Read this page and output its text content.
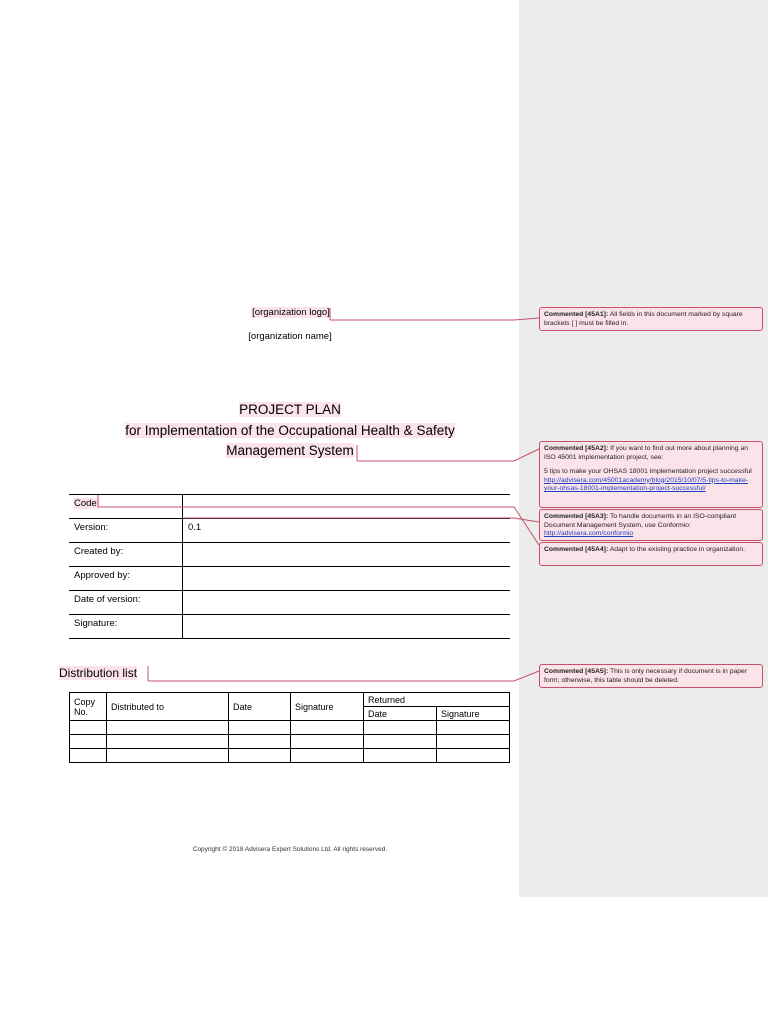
[organization logo]
[organization name]
PROJECT PLAN
for Implementation of the Occupational Health & Safety
Management System
Code:	
Version:	0.1
Created by:	
Approved by:	
Date of version:	
Signature:	
Distribution list
Copy No.	Distributed to	Date	Signature	Returned	
				Date	Signature

Copyright © 2018 Advisera Expert Solutions Ltd. All rights reserved.

Commented [45A1]: All fields in this document marked by square brackets [ ] must be filled in.

Commented [45A2]: If you want to find out more about planning an ISO 45001 implementation project, see:

5 tips to make your OHSAS 18001 implementation project successful http://advisera.com/45001academy/blog/2015/10/07/5-tips-to-make-your-ohsas-18001-implementation-project-successful/

Commented [45A3]: To handle documents in an ISO-compliant Document Management System, use Conformio: http://advisera.com/conformio

Commented [45A4]: Adapt to the existing practice in organization.

Commented [45A5]: This is only necessary if document is in paper form; otherwise, this table should be deleted.
